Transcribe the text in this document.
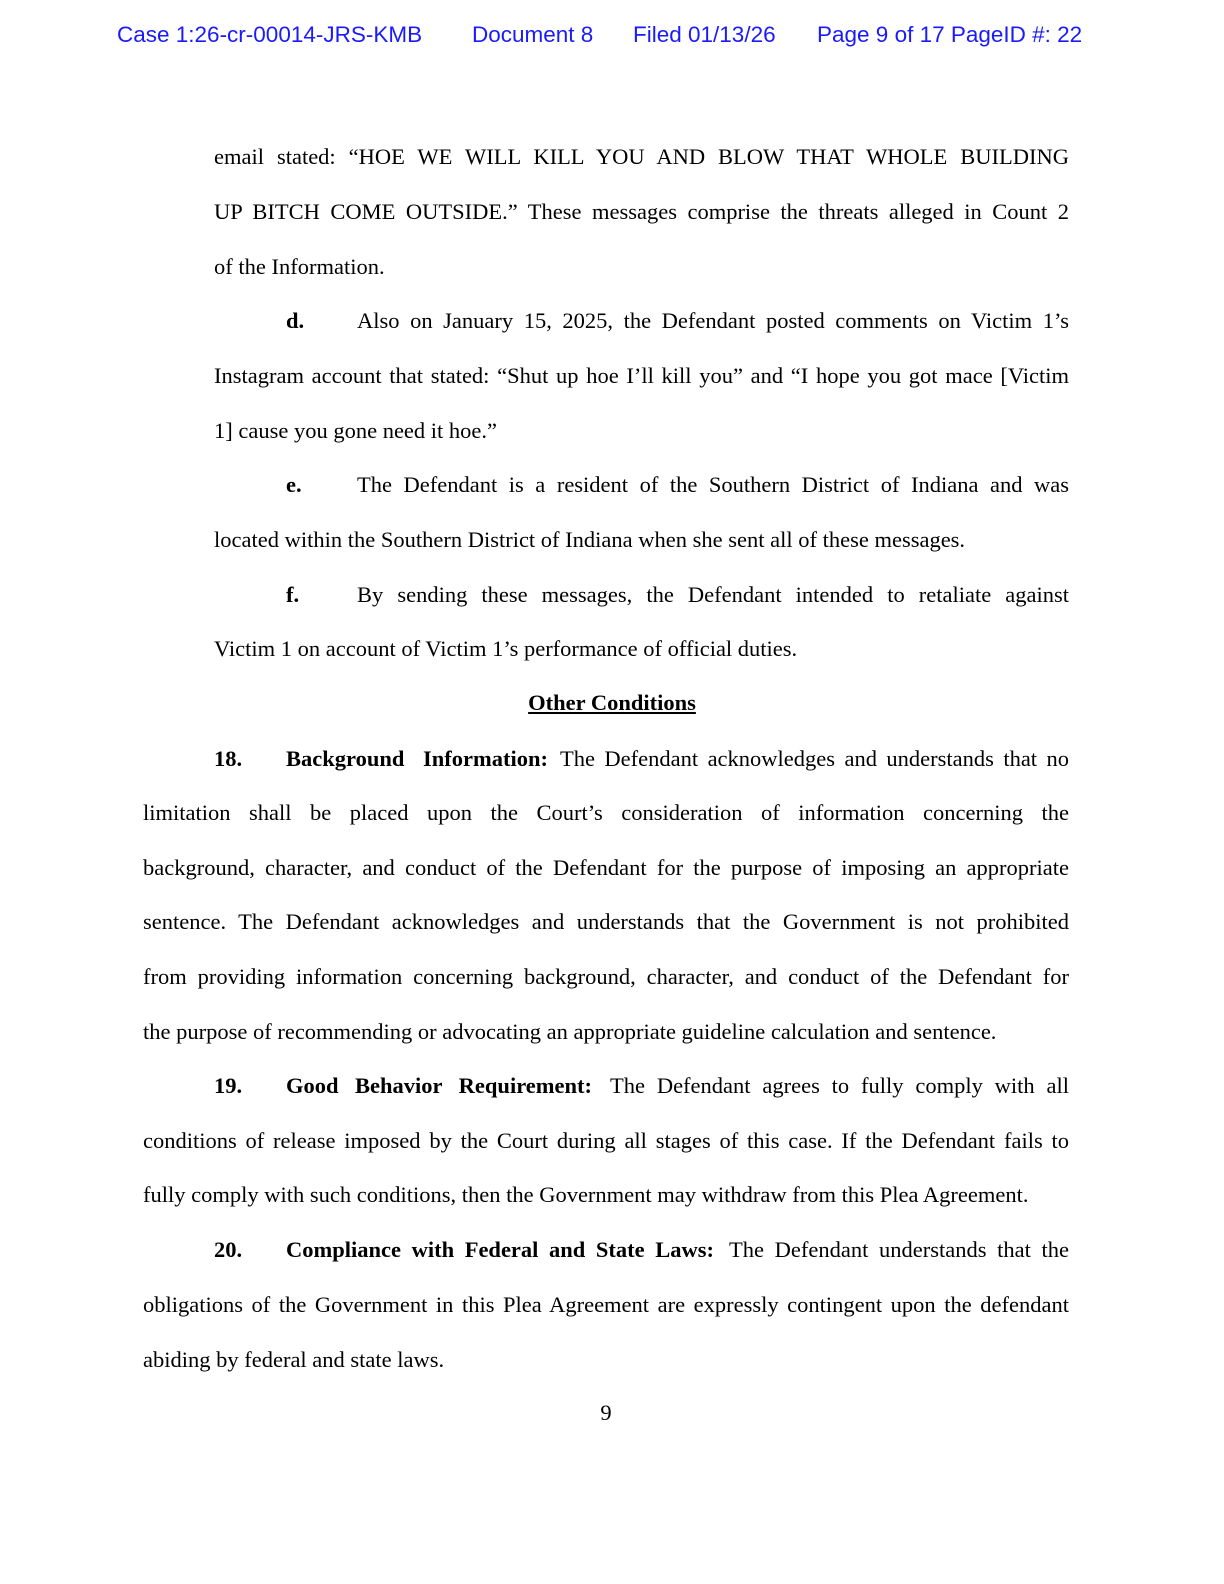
Case 1:26-cr-00014-JRS-KMB Document 8 Filed 01/13/26 Page 9 of 17 PageID #: 22
email stated: “HOE WE WILL KILL YOU AND BLOW THAT WHOLE BUILDING
UP BITCH COME OUTSIDE.” These messages comprise the threats alleged in Count 2
of the Information.
d. Also on January 15, 2025, the Defendant posted comments on Victim 1’s
Instagram account that stated: “Shut up hoe I’ll kill you” and “I hope you got mace [Victim
1] cause you gone need it hoe.”
e. The Defendant is a resident of the Southern District of Indiana and was
located within the Southern District of Indiana when she sent all of these messages.
f.	By sending these messages, the Defendant intended to retaliate against
Victim 1 on account of Victim 1’s performance of official duties.
Other Conditions
18. Background Information: The Defendant acknowledges and understands that no
limitation shall be placed upon the Court’s consideration of information concerning the
background, character, and conduct of the Defendant for the purpose of imposing an appropriate
sentence. The Defendant acknowledges and understands that the Government is not prohibited
from providing information concerning background, character, and conduct of the Defendant for
the purpose of recommending or advocating an appropriate guideline calculation and sentence.
19. Good Behavior Requirement: The Defendant agrees to fully comply with all
conditions of release imposed by the Court during all stages of this case. If the Defendant fails to
fully comply with such conditions, then the Government may withdraw from this Plea Agreement.
20. Compliance with Federal and State Laws: The Defendant understands that the
obligations of the Government in this Plea Agreement are expressly contingent upon the defendant
abiding by federal and state laws.
9
